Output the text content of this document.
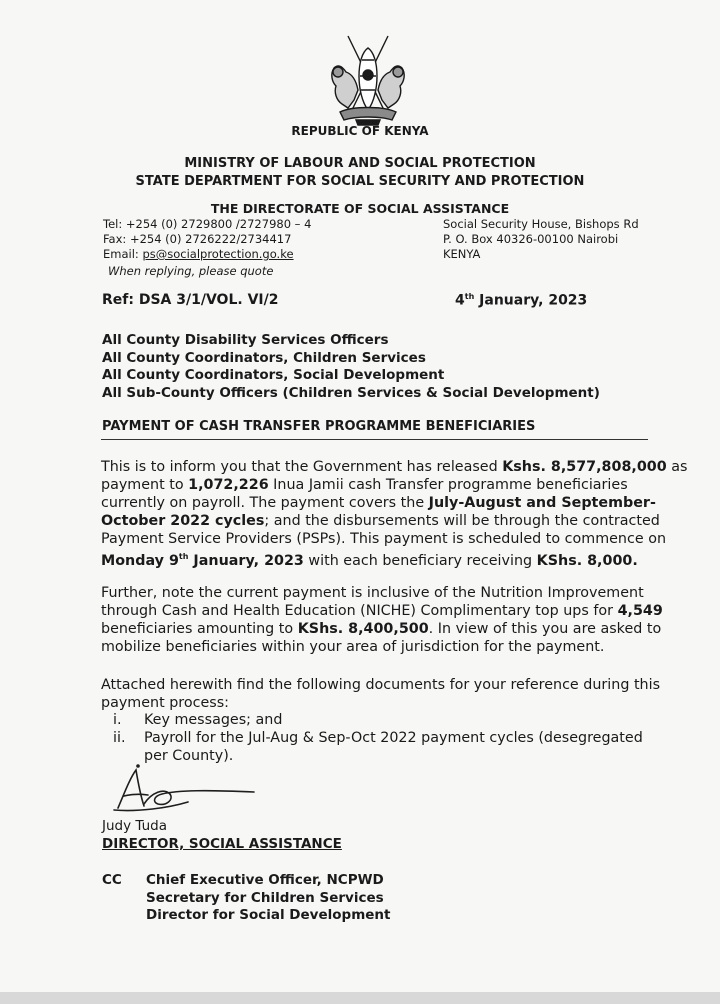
REPUBLIC OF KENYA
MINISTRY OF LABOUR AND SOCIAL PROTECTION
STATE DEPARTMENT FOR SOCIAL SECURITY AND PROTECTION
THE DIRECTORATE OF SOCIAL ASSISTANCE
Tel: +254 (0) 2729800 /2727980 – 4
Fax: +254 (0) 2726222/2734417
Email: ps@socialprotection.go.ke
When replying, please quote
Social Security House, Bishops Rd
P. O. Box 40326-00100 Nairobi
KENYA
Ref: DSA 3/1/VOL. VI/2	4th January, 2023
All County Disability Services Officers
All County Coordinators, Children Services
All County Coordinators, Social Development
All Sub-County Officers (Children Services & Social Development)
PAYMENT OF CASH TRANSFER PROGRAMME BENEFICIARIES
This is to inform you that the Government has released Kshs. 8,577,808,000 as
payment to 1,072,226 Inua Jamii cash Transfer programme beneficiaries
currently on payroll. The payment covers the July-August and September-
October 2022 cycles; and the disbursements will be through the contracted
Payment Service Providers (PSPs). This payment is scheduled to commence on
Monday 9th January, 2023 with each beneficiary receiving KShs. 8,000.
Further, note the current payment is inclusive of the Nutrition Improvement
through Cash and Health Education (NICHE) Complimentary top ups for 4,549
beneficiaries amounting to KShs. 8,400,500. In view of this you are asked to
mobilize beneficiaries within your area of jurisdiction for the payment.
Attached herewith find the following documents for your reference during this
payment process:
i. Key messages; and
ii. Payroll for the Jul-Aug & Sep-Oct 2022 payment cycles (desegregated
per County).
Judy Tuda
DIRECTOR, SOCIAL ASSISTANCE
CC Chief Executive Officer, NCPWD
Secretary for Children Services
Director for Social Development
